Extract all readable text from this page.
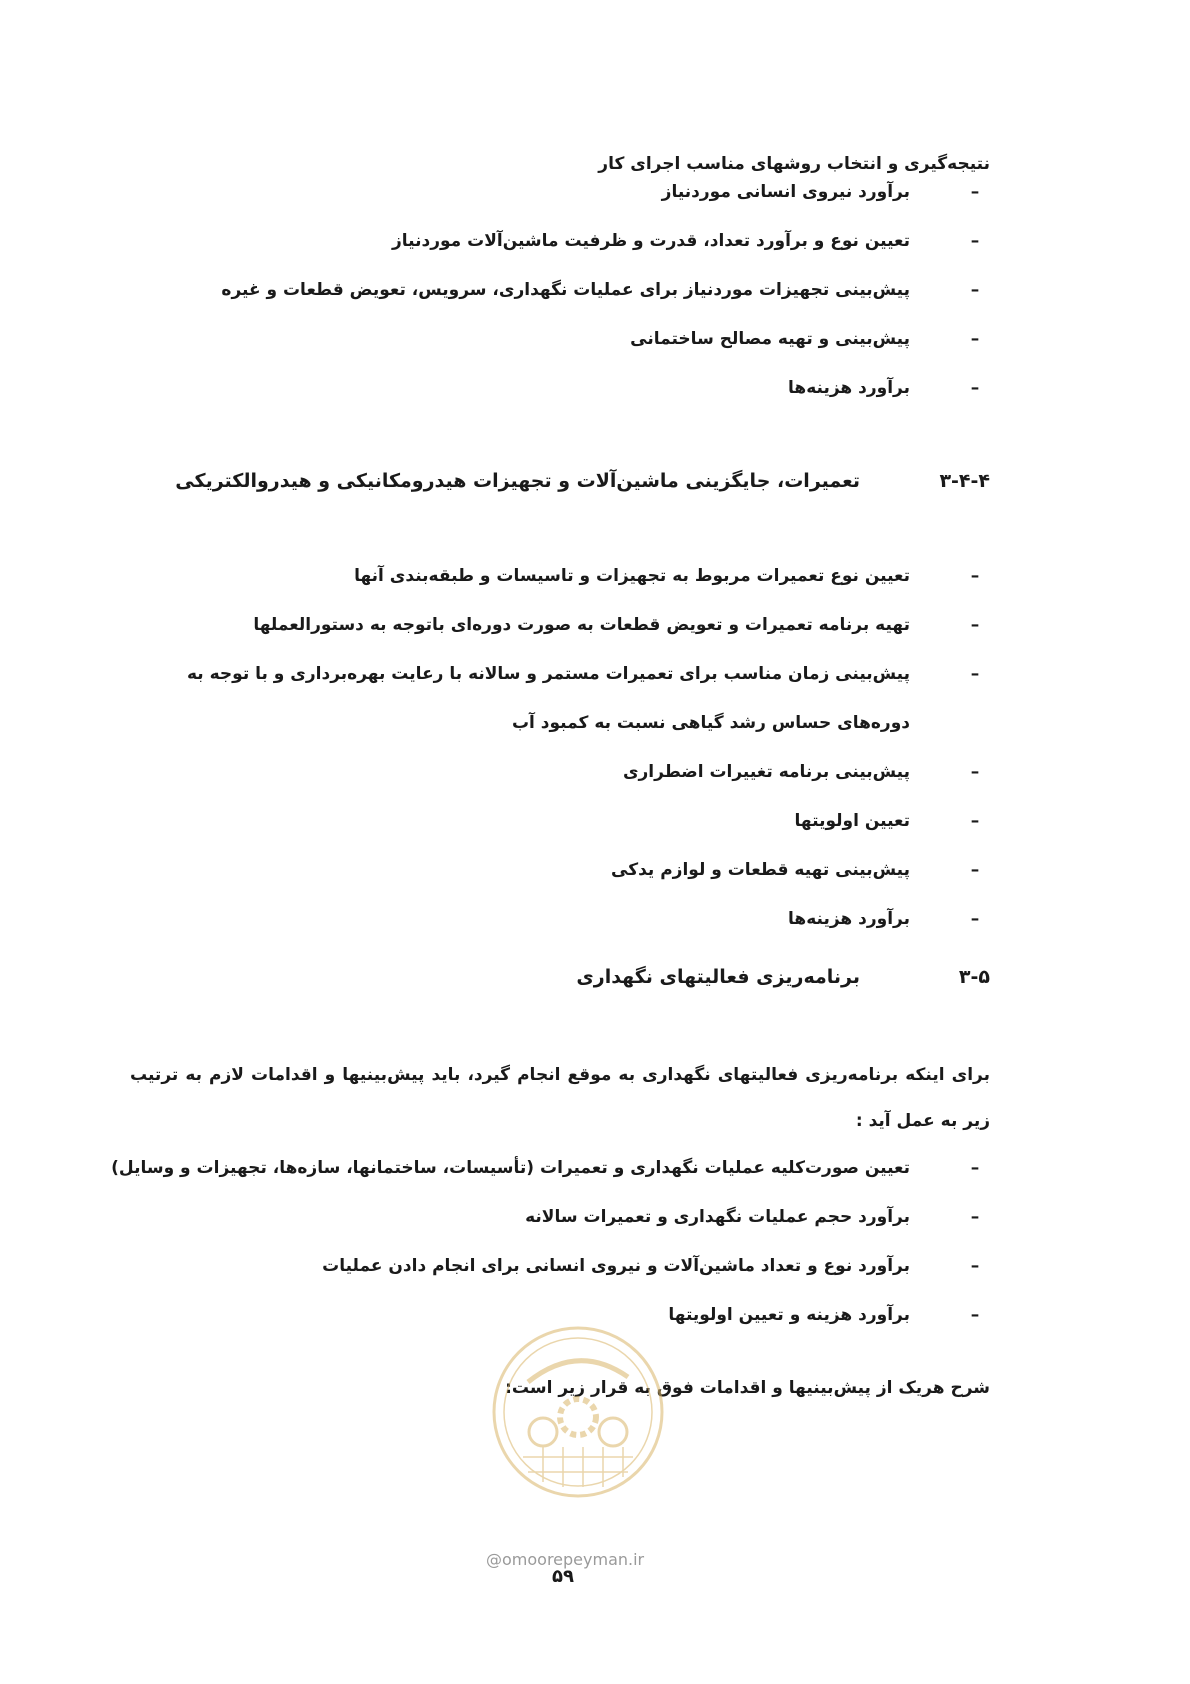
نتیجه‌گیری و انتخاب روشهای مناسب اجرای کار
–
برآورد نیروی انسانی موردنیاز
–
تعیین نوع و برآورد تعداد، قدرت و ظرفیت ماشین‌آلات موردنیاز
–
پیش‌بینی تجهیزات موردنیاز برای عملیات نگهداری، سرویس، تعویض قطعات و غیره
–
پیش‌بینی و تهیه مصالح ساختمانی
–
برآورد هزینه‌ها
۳-۴-۴تعمیرات، جایگزینی ماشین‌آلات و تجهیزات هیدرومکانیکی و هیدروالکتریکی
–
تعیین نوع تعمیرات مربوط به تجهیزات و تاسیسات و طبقه‌بندی آنها
–
تهیه برنامه تعمیرات و تعویض قطعات به صورت دوره‌ای باتوجه به دستورالعملها
–
پیش‌بینی زمان مناسب برای تعمیرات مستمر و سالانه با رعایت بهره‌برداری و با توجه به دوره‌های حساس رشد گیاهی نسبت به کمبود آب
–
پیش‌بینی برنامه تغییرات اضطراری
–
تعیین اولویتها
–
پیش‌بینی تهیه قطعات و لوازم یدکی
–
برآورد هزینه‌ها
۳-۵برنامه‌ریزی فعالیتهای نگهداری
برای اینکه برنامه‌ریزی فعالیتهای نگهداری به موقع انجام گیرد، باید پیش‌بینیها و اقدامات لازم به ترتیب زیر به عمل آید :
–
تعیین صورت‌کلیه عملیات نگهداری و تعمیرات (تأسیسات، ساختمانها، سازه‌ها، تجهیزات و وسایل)
–
برآورد حجم عملیات نگهداری و تعمیرات سالانه
–
برآورد نوع و تعداد ماشین‌آلات و نیروی انسانی برای انجام دادن عملیات
–
برآورد هزینه و تعیین اولویتها
شرح هریک از پیش‌بینیها و اقدامات فوق به قرار زیر است:
@omoorepeyman.ir
۵۹
